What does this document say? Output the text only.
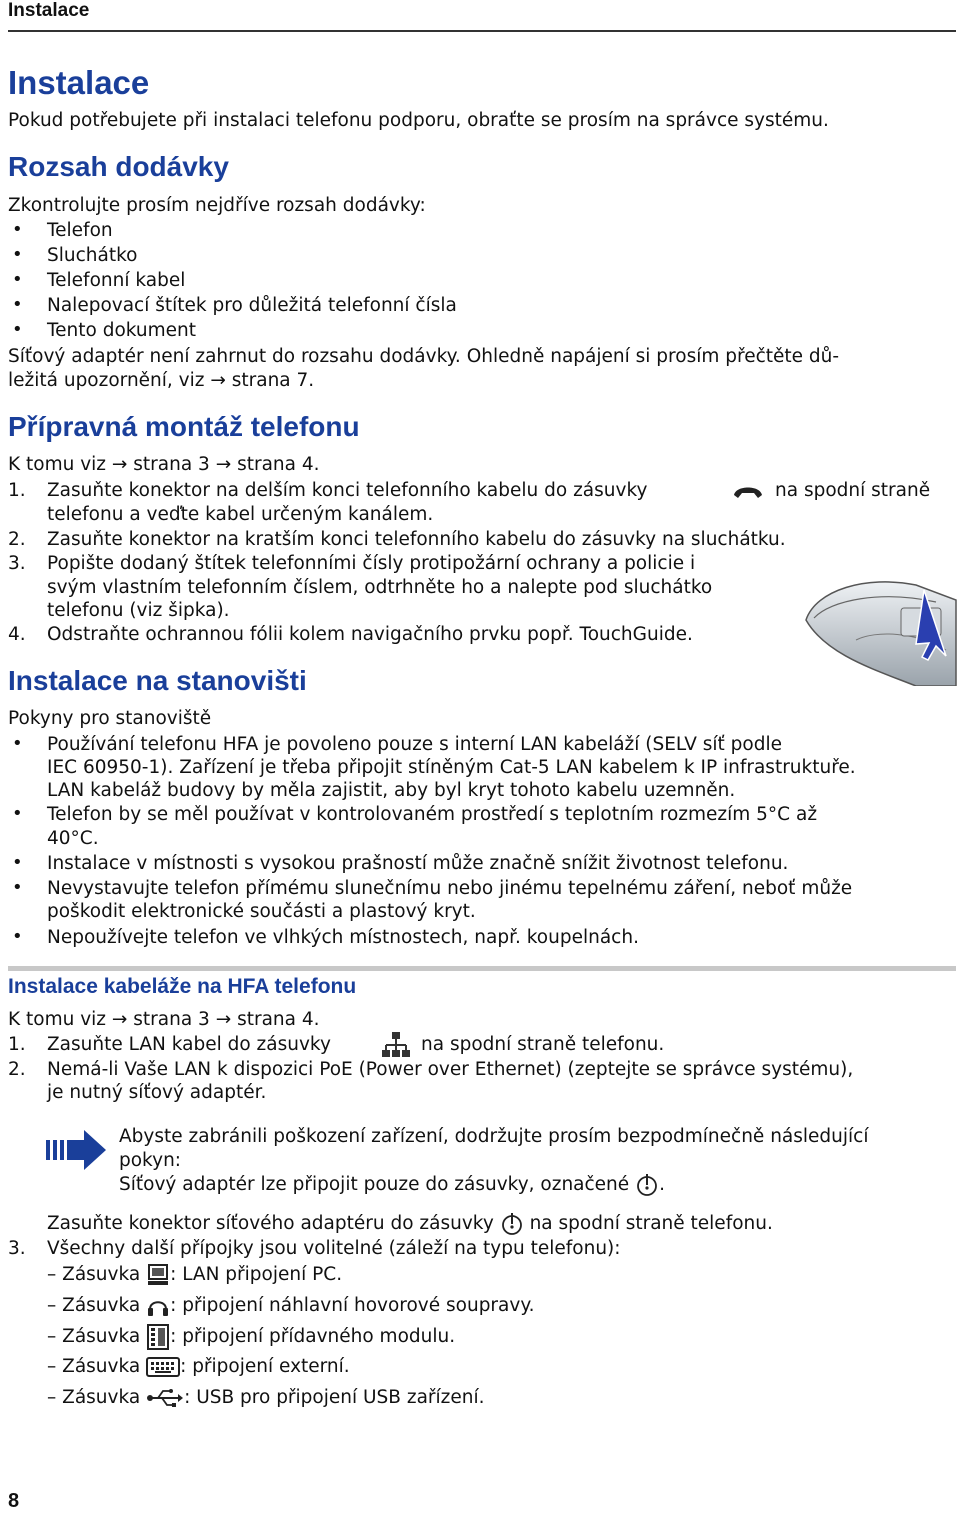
Instalace
Instalace
Pokud potřebujete při instalaci telefonu podporu, obraťte se prosím na správce systému.
Rozsah dodávky
Zkontrolujte prosím nejdříve rozsah dodávky:
• Telefon
• Sluchátko
• Telefonní kabel
• Nalepovací štítek pro důležitá telefonní čísla
• Tento dokument
Síťový adaptér není zahrnut do rozsahu dodávky. Ohledně napájení si prosím přečtěte dů-
ležitá upozornění, viz → strana 7.
Přípravná montáž telefonu
K tomu viz → strana 3 → strana 4.
1. Zasuňte konektor na delším konci telefonního kabelu do zásuvky	na spodní straně
telefonu a veďte kabel určeným kanálem.
2. Zasuňte konektor na kratším konci telefonního kabelu do zásuvky na sluchátku.
3. Popište dodaný štítek telefonními čísly protipožární ochrany a policie i
svým vlastním telefonním číslem, odtrhněte ho a nalepte pod sluchátko
telefonu (viz šipka).
4. Odstraňte ochrannou fólii kolem navigačního prvku popř. TouchGuide.
Instalace na stanovišti
Pokyny pro stanoviště
• Používání telefonu HFA je povoleno pouze s interní LAN kabeláží (SELV síť podle
IEC 60950-1). Zařízení je třeba připojit stíněným Cat-5 LAN kabelem k IP infrastruktuře.
LAN kabeláž budovy by měla zajistit, aby byl kryt tohoto kabelu uzemněn.
• Telefon by se měl používat v kontrolovaném prostředí s teplotním rozmezím 5°C až
40°C.
• Instalace v místnosti s vysokou prašností může značně snížit životnost telefonu.
• Nevystavujte telefon přímému slunečnímu nebo jinému tepelnému záření, neboť může
poškodit elektronické součásti a plastový kryt.
• Nepoužívejte telefon ve vlhkých místnostech, např. koupelnách.
Instalace kabeláže na HFA telefonu
K tomu viz → strana 3 → strana 4.
1. Zasuňte LAN kabel do zásuvky	na spodní straně telefonu.
2. Nemá-li Vaše LAN k dispozici PoE (Power over Ethernet) (zeptejte se správce systému),
je nutný síťový adaptér.
Abyste zabránili poškození zařízení, dodržujte prosím bezpodmínečně následující
pokyn:
Síťový adaptér lze připojit pouze do zásuvky, označené .
Zasuňte konektor síťového adaptéru do zásuvky na spodní straně telefonu.
3. Všechny další přípojky jsou volitelné (záleží na typu telefonu):
– Zásuvka : LAN připojení PC.
– Zásuvka : připojení náhlavní hovorové soupravy.
– Zásuvka : připojení přídavného modulu.
– Zásuvka : připojení externí.
– Zásuvka : USB pro připojení USB zařízení.
8
